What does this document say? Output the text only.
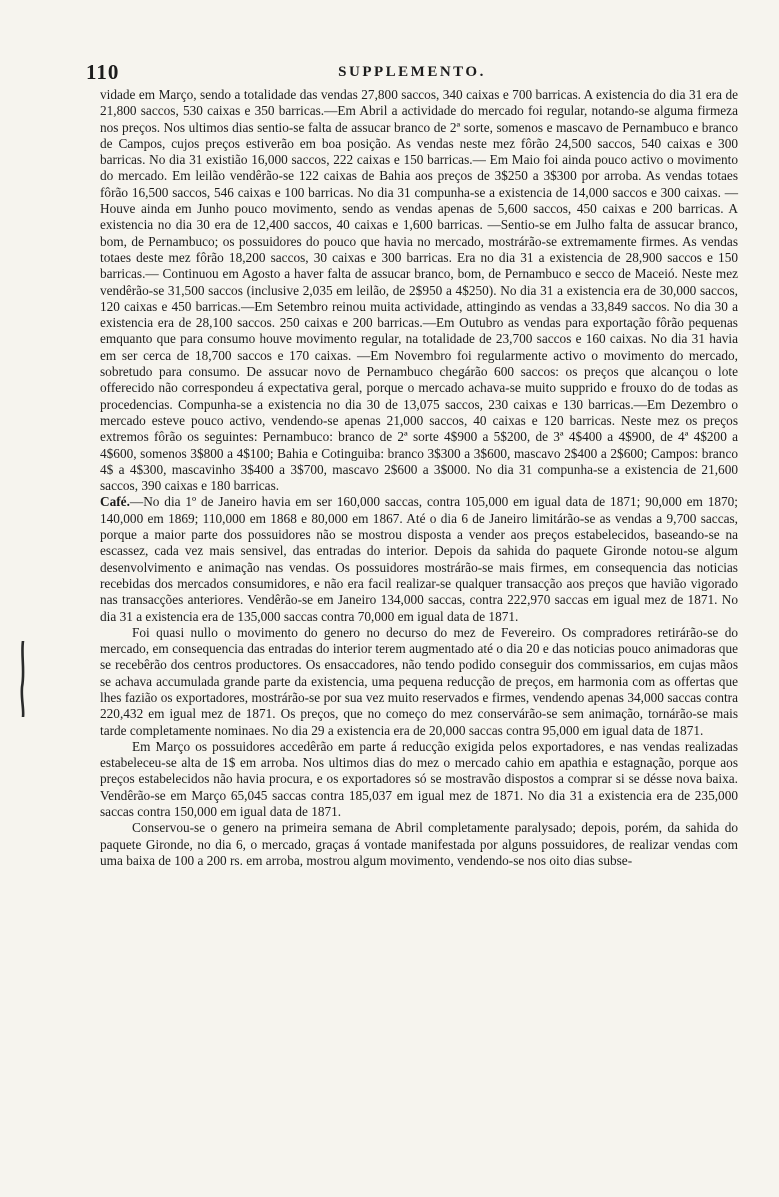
110	SUPPLEMENTO.

vidade em Março, sendo a totalidade das vendas 27,800 saccos, 340 caixas e 700 barricas. A existencia do dia 31 era de 21,800 saccos, 530 caixas e 350 barricas.—Em Abril a actividade do mercado foi regular, notando-se alguma firmeza nos preços. Nos ultimos dias sentio-se falta de assucar branco de 2ª sorte, somenos e mascavo de Pernambuco e branco de Campos, cujos preços estiverão em boa posição. As vendas neste mez fôrão 24,500 saccos, 540 caixas e 300 barricas. No dia 31 existião 16,000 saccos, 222 caixas e 150 barricas.— Em Maio foi ainda pouco activo o movimento do mercado. Em leilão vendêrão-se 122 caixas de Bahia aos preços de 3$250 a 3$300 por arroba. As vendas totaes fôrão 16,500 saccos, 546 caixas e 100 barricas. No dia 31 compunha-se a existencia de 14,000 saccos e 300 caixas. — Houve ainda em Junho pouco movimento, sendo as vendas apenas de 5,600 saccos, 450 caixas e 200 barricas. A existencia no dia 30 era de 12,400 saccos, 40 caixas e 1,600 barricas. —Sentio-se em Julho falta de assucar branco, bom, de Pernambuco; os possuidores do pouco que havia no mercado, mostrárão-se extremamente firmes. As vendas totaes deste mez fôrão 18,200 saccos, 30 caixas e 300 barricas. Era no dia 31 a existencia de 28,900 saccos e 150 barricas.— Continuou em Agosto a haver falta de assucar branco, bom, de Pernambuco e secco de Maceió. Neste mez vendêrão-se 31,500 saccos (inclusive 2,035 em leilão, de 2$950 a 4$250). No dia 31 a existencia era de 30,000 saccos, 120 caixas e 450 barricas.—Em Setembro reinou muita actividade, attingindo as vendas a 33,849 saccos. No dia 30 a existencia era de 28,100 saccos. 250 caixas e 200 barricas.—Em Outubro as vendas para exportação fôrão pequenas emquanto que para consumo houve movimento regular, na totalidade de 23,700 saccos e 160 caixas. No dia 31 havia em ser cerca de 18,700 saccos e 170 caixas. —Em Novembro foi regularmente activo o movimento do mercado, sobretudo para consumo. De assucar novo de Pernambuco chegárão 600 saccos: os preços que alcançou o lote offerecido não correspondeu á expectativa geral, porque o mercado achava-se muito supprido e frouxo do de todas as procedencias. Compunha-se a existencia no dia 30 de 13,075 saccos, 230 caixas e 130 barricas.—Em Dezembro o mercado esteve pouco activo, vendendo-se apenas 21,000 saccos, 40 caixas e 120 barricas. Neste mez os preços extremos fôrão os seguintes: Pernambuco: branco de 2ª sorte 4$900 a 5$200, de 3ª 4$400 a 4$900, de 4ª 4$200 a 4$600, somenos 3$800 a 4$100; Bahia e Cotinguiba: branco 3$300 a 3$600, mascavo 2$400 a 2$600; Campos: branco 4$ a 4$300, mascavinho 3$400 a 3$700, mascavo 2$600 a 3$000. No dia 31 compunha-se a existencia de 21,600 saccos, 390 caixas e 180 barricas.

Café.—No dia 1º de Janeiro havia em ser 160,000 saccas, contra 105,000 em igual data de 1871; 90,000 em 1870; 140,000 em 1869; 110,000 em 1868 e 80,000 em 1867. Até o dia 6 de Janeiro limitárão-se as vendas a 9,700 saccas, porque a maior parte dos possuidores não se mostrou disposta a vender aos preços estabelecidos, baseando-se na escassez, cada vez mais sensivel, das entradas do interior. Depois da sahida do paquete Gironde notou-se algum desenvolvimento e animação nas vendas. Os possuidores mostrárão-se mais firmes, em consequencia das noticias recebidas dos mercados consumidores, e não era facil realizar-se qualquer transacção aos preços que havião vigorado nas transacções anteriores. Vendêrão-se em Janeiro 134,000 saccas, contra 222,970 saccas em igual mez de 1871. No dia 31 a existencia era de 135,000 saccas contra 70,000 em igual data de 1871.

Foi quasi nullo o movimento do genero no decurso do mez de Fevereiro. Os compradores retirárão-se do mercado, em consequencia das entradas do interior terem augmentado até o dia 20 e das noticias pouco animadoras que se recebêrão dos centros productores. Os ensaccadores, não tendo podido conseguir dos commissarios, em cujas mãos se achava accumulada grande parte da existencia, uma pequena reducção de preços, em harmonia com as offertas que lhes fazião os exportadores, mostrárão-se por sua vez muito reservados e firmes, vendendo apenas 34,000 saccas contra 220,432 em igual mez de 1871. Os preços, que no começo do mez conservárão-se sem animação, tornárão-se mais tarde completamente nominaes. No dia 29 a existencia era de 20,000 saccas contra 95,000 em igual data de 1871.

Em Março os possuidores accedêrão em parte á reducção exigida pelos exportadores, e nas vendas realizadas estabeleceu-se alta de 1$ em arroba. Nos ultimos dias do mez o mercado cahio em apathia e estagnação, porque aos preços estabelecidos não havia procura, e os exportadores só se mostravão dispostos a comprar si se désse nova baixa. Vendêrão-se em Março 65,045 saccas contra 185,037 em igual mez de 1871. No dia 31 a existencia era de 235,000 saccas contra 150,000 em igual data de 1871.

Conservou-se o genero na primeira semana de Abril completamente paralysado; depois, porém, da sahida do paquete Gironde, no dia 6, o mercado, graças á vontade manifestada por alguns possuidores, de realizar vendas com uma baixa de 100 a 200 rs. em arroba, mostrou algum movimento, vendendo-se nos oito dias subse-
